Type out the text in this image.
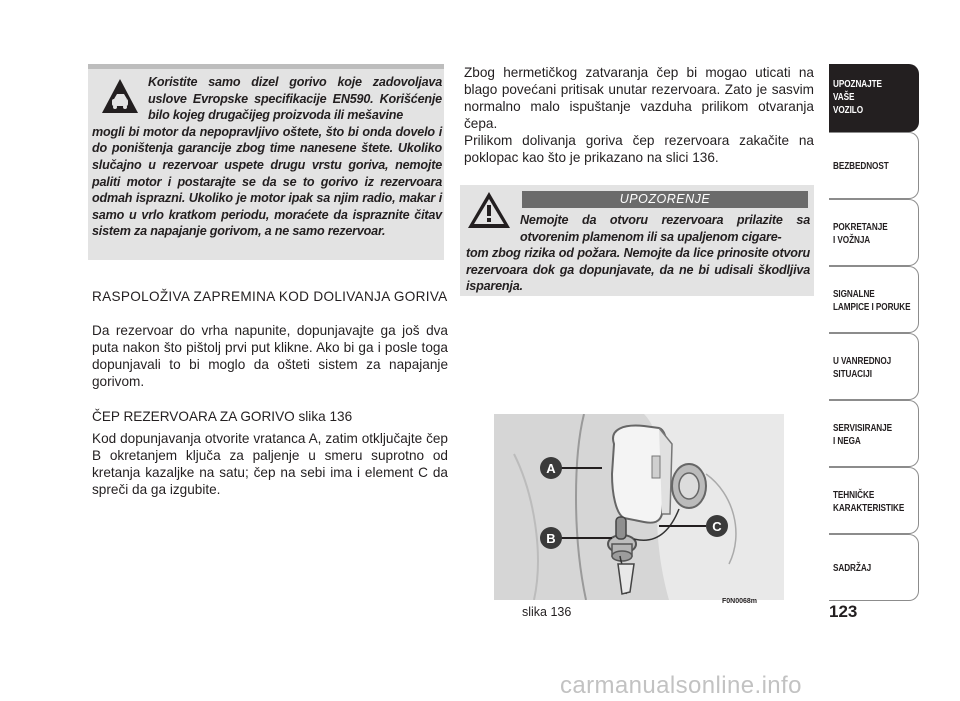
Koristite samo dizel gorivo koje zadovoljava uslove Evropske specifikacije EN590. Korišćenje bilo kojeg drugačijeg proizvoda ili mešavine
mogli bi motor da nepopravljivo oštete, što bi onda dovelo i do poništenja garancije zbog time nanesene štete. Ukoliko slučajno u rezervoar uspete drugu vrstu goriva, nemojte paliti motor i postarajte se da se to gorivo iz rezervoara odmah isprazni. Ukoliko je motor ipak sa njim radio, makar i samo u vrlo kratkom periodu, moraćete da ispraznite čitav sistem za napajanje gorivom, a ne samo rezervoar.
RASPOLOŽIVA ZAPREMINA KOD DOLIVANJA GORIVA
Da rezervoar do vrha napunite, dopunjavajte ga još dva puta nakon što pištolj prvi put klikne. Ako bi ga i posle toga dopunjavali to bi moglo da ošteti sistem za napajanje gorivom.
ČEP REZERVOARA ZA GORIVO slika 136
Kod dopunjavanja otvorite vratanca A, zatim otključajte čep B okretanjem ključa za paljenje u smeru suprotno od kretanja kazaljke na satu; čep na sebi ima i element C da spreči da ga izgubite.
Zbog hermetičkog zatvaranja čep bi mogao uticati na blago povećani pritisak unutar rezervoara. Zato je sasvim normalno malo ispuštanje vazduha prilikom otvaranja čepa.
Prilikom dolivanja goriva čep rezervoara zakačite na poklopac kao što je prikazano na slici 136.
UPOZORENJE
Nemojte da otvoru rezervoara prilazite sa otvorenim plamenom ili sa upaljenom cigare-
tom zbog rizika od požara. Nemojte da lice prinosite otvoru rezervoara dok ga dopunjavate, da ne bi udisali škodljiva isparenja.
A
B
C
slika 136
F0N0068m
UPOZNAJTE
VAŠE
VOZILO
BEZBEDNOST
POKRETANJE
I VOŽNJA
SIGNALNE
LAMPICE I PORUKE
U VANREDNOJ
SITUACIJI
SERVISIRANJE
I NEGA
TEHNIČKE
KARAKTERISTIKE
SADRŽAJ
123
carmanualsonline.info
